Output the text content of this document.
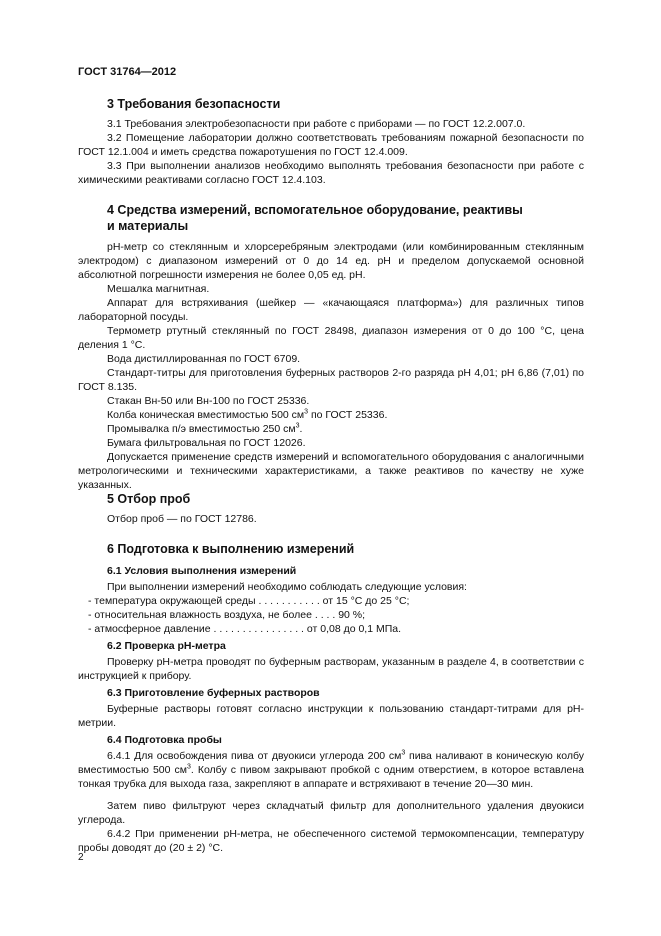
ГОСТ 31764—2012
3 Требования безопасности
3.1 Требования электробезопасности при работе с приборами — по ГОСТ 12.2.007.0.
3.2 Помещение лаборатории должно соответствовать требованиям пожарной безопасности по ГОСТ 12.1.004 и иметь средства пожаротушения по ГОСТ 12.4.009.
3.3 При выполнении анализов необходимо выполнять требования безопасности при работе с химическими реактивами согласно ГОСТ 12.4.103.
4 Средства измерений, вспомогательное оборудование, реактивы
и материалы
рН-метр со стеклянным и хлорсеребряным электродами (или комбинированным стеклянным электродом) с диапазоном измерений от 0 до 14 ед. рН и пределом допускаемой основной абсолютной погрешности измерения не более 0,05 ед. рН.
Мешалка магнитная.
Аппарат для встряхивания (шейкер — «качающаяся платформа») для различных типов лабораторной посуды.
Термометр ртутный стеклянный по ГОСТ 28498, диапазон измерения от 0 до 100 °С, цена деления 1 °С.
Вода дистиллированная по ГОСТ 6709.
Стандарт-титры для приготовления буферных растворов 2-го разряда рН 4,01; рН 6,86 (7,01) по ГОСТ 8.135.
Стакан Вн-50 или Вн-100 по ГОСТ 25336.
Колба коническая вместимостью 500 $см^3$ по ГОСТ 25336.
Промывалка п/э вместимостью 250 $см^3$.
Бумага фильтровальная по ГОСТ 12026.
Допускается применение средств измерений и вспомогательного оборудования с аналогичными метрологическими и техническими характеристиками, а также реактивов по качеству не хуже указанных.
5 Отбор проб
Отбор проб — по ГОСТ 12786.
6 Подготовка к выполнению измерений
6.1 Условия выполнения измерений
При выполнении измерений необходимо соблюдать следующие условия:
- температура окружающей среды . . . . . . . . . . . от 15 °С до 25 °С;
- относительная влажность воздуха, не более . . . . 90 %;
- атмосферное давление . . . . . . . . . . . . . . . . от 0,08 до 0,1 МПа.
6.2 Проверка рН-метра
Проверку рН-метра проводят по буферным растворам, указанным в разделе 4, в соответствии с инструкцией к прибору.
6.3 Приготовление буферных растворов
Буферные растворы готовят согласно инструкции к пользованию стандарт-титрами для рН-метрии.
6.4 Подготовка пробы
6.4.1 Для освобождения пива от двуокиси углерода 200 $см^3$ пива наливают в коническую колбу вместимостью 500 $см^3$. Колбу с пивом закрывают пробкой с одним отверстием, в которое вставлена тонкая трубка для выхода газа, закрепляют в аппарате и встряхивают в течение 20—30 мин.
Затем пиво фильтруют через складчатый фильтр для дополнительного удаления двуокиси углерода.
6.4.2 При применении рН-метра, не обеспеченного системой термокомпенсации, температуру пробы доводят до (20 ± 2) °С.
2
